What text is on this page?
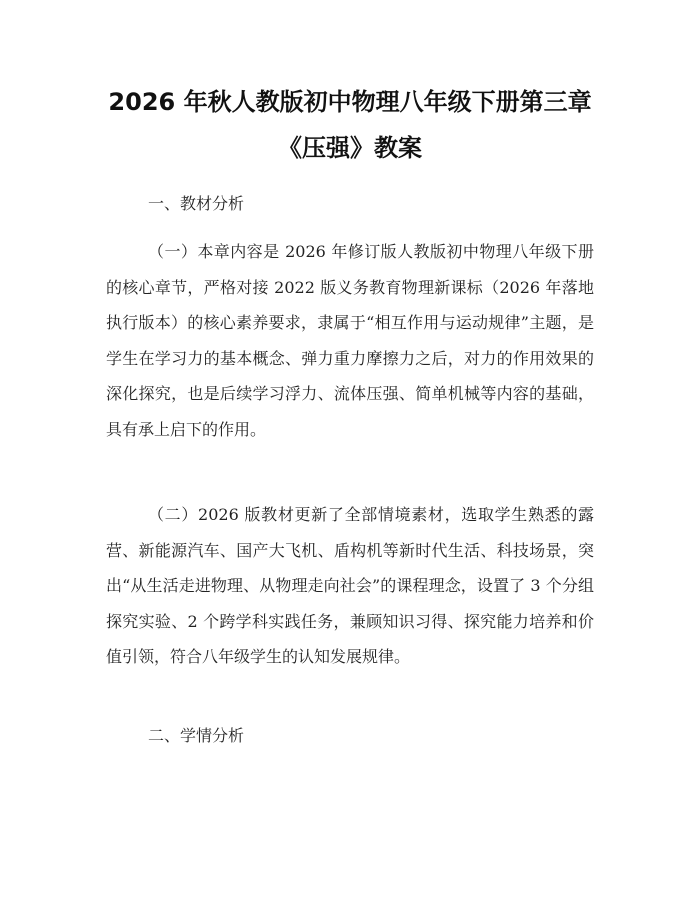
2026 年秋人教版初中物理八年级下册第三章
《压强》教案
一、教材分析

（一）本章内容是 2026 年修订版人教版初中物理八年级下册的核心章节，严格对接 2022 版义务教育物理新课标（2026 年落地执行版本）的核心素养要求，隶属于“相互作用与运动规律”主题，是学生在学习力的基本概念、弹力重力摩擦力之后，对力的作用效果的深化探究，也是后续学习浮力、流体压强、简单机械等内容的基础，具有承上启下的作用。

（二）2026 版教材更新了全部情境素材，选取学生熟悉的露营、新能源汽车、国产大飞机、盾构机等新时代生活、科技场景，突出“从生活走进物理、从物理走向社会”的课程理念，设置了 3 个分组探究实验、2 个跨学科实践任务，兼顾知识习得、探究能力培养和价值引领，符合八年级学生的认知发展规律。

二、学情分析
